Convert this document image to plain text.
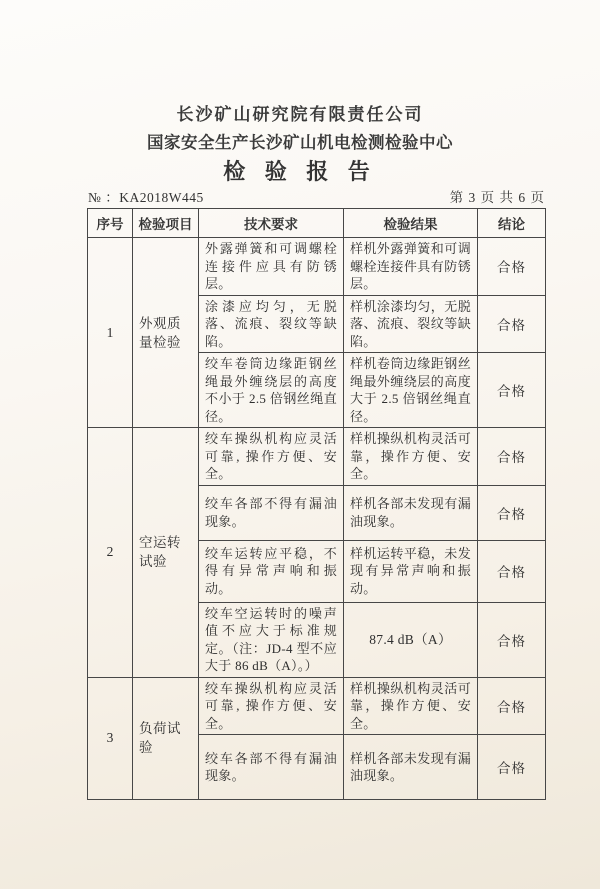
长沙矿山研究院有限责任公司
国家安全生产长沙矿山机电检测检验中心
检 验 报 告
№ ：KA2018W445	第 3 页 共 6 页
序号	检验项目	技术要求	检验结果	结论
1	外观质量检验	外露弹簧和可调螺栓连接件应具有防锈层。	样机外露弹簧和可调螺栓连接件具有防锈层。	合格
		涂漆应均匀，无脱落、流痕、裂纹等缺陷。	样机涂漆均匀，无脱落、流痕、裂纹等缺陷。	合格
		绞车卷筒边缘距钢丝绳最外缠绕层的高度不小于 2.5 倍钢丝绳直径。	样机卷筒边缘距钢丝绳最外缠绕层的高度大于 2.5 倍钢丝绳直径。	合格
2	空运转试验	绞车操纵机构应灵活可靠, 操作方便、安全。	样机操纵机构灵活可靠，操作方便、安全。	合格
		绞车各部不得有漏油现象。	样机各部未发现有漏油现象。	合格
		绞车运转应平稳，不得有异常声响和振动。	样机运转平稳，未发现有异常声响和振动。	合格
		绞车空运转时的噪声值不应大于标准规定。（注：JD-4 型不应大于 86 dB（A）。）	87.4 dB（A）	合格
3	负荷试验	绞车操纵机构应灵活可靠, 操作方便、安全。	样机操纵机构灵活可靠，操作方便、安全。	合格
		绞车各部不得有漏油现象。	样机各部未发现有漏油现象。	合格
